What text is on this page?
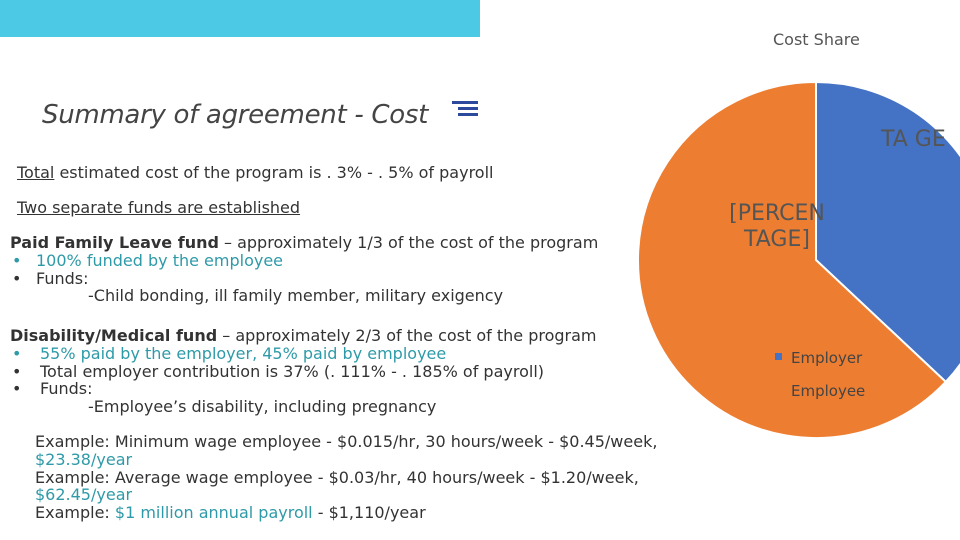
Cost Share
Summary of agreement - Cost
Total estimated cost of the program is . 3% - . 5% of payroll
Two separate funds are established
Paid Family Leave fund – approximately 1/3 of the cost of the program
• 100% funded by the employee
• Funds:
-Child bonding, ill family member, military exigency
Disability/Medical fund – approximately 2/3 of the cost of the program
• 55% paid by the employer, 45% paid by employee
• Total employer contribution is 37% (. 111% - . 185% of payroll)
• Funds:
-Employee’s disability, including pregnancy
Example: Minimum wage employee - $0.015/hr, 30 hours/week - $0.45/week,
$23.38/year
Example: Average wage employee - $0.03/hr, 40 hours/week - $1.20/week,
$62.45/year
Example: $1 million annual payroll - $1,110/year
TA GE
[PERCEN TAGE]
Employer
Employee
